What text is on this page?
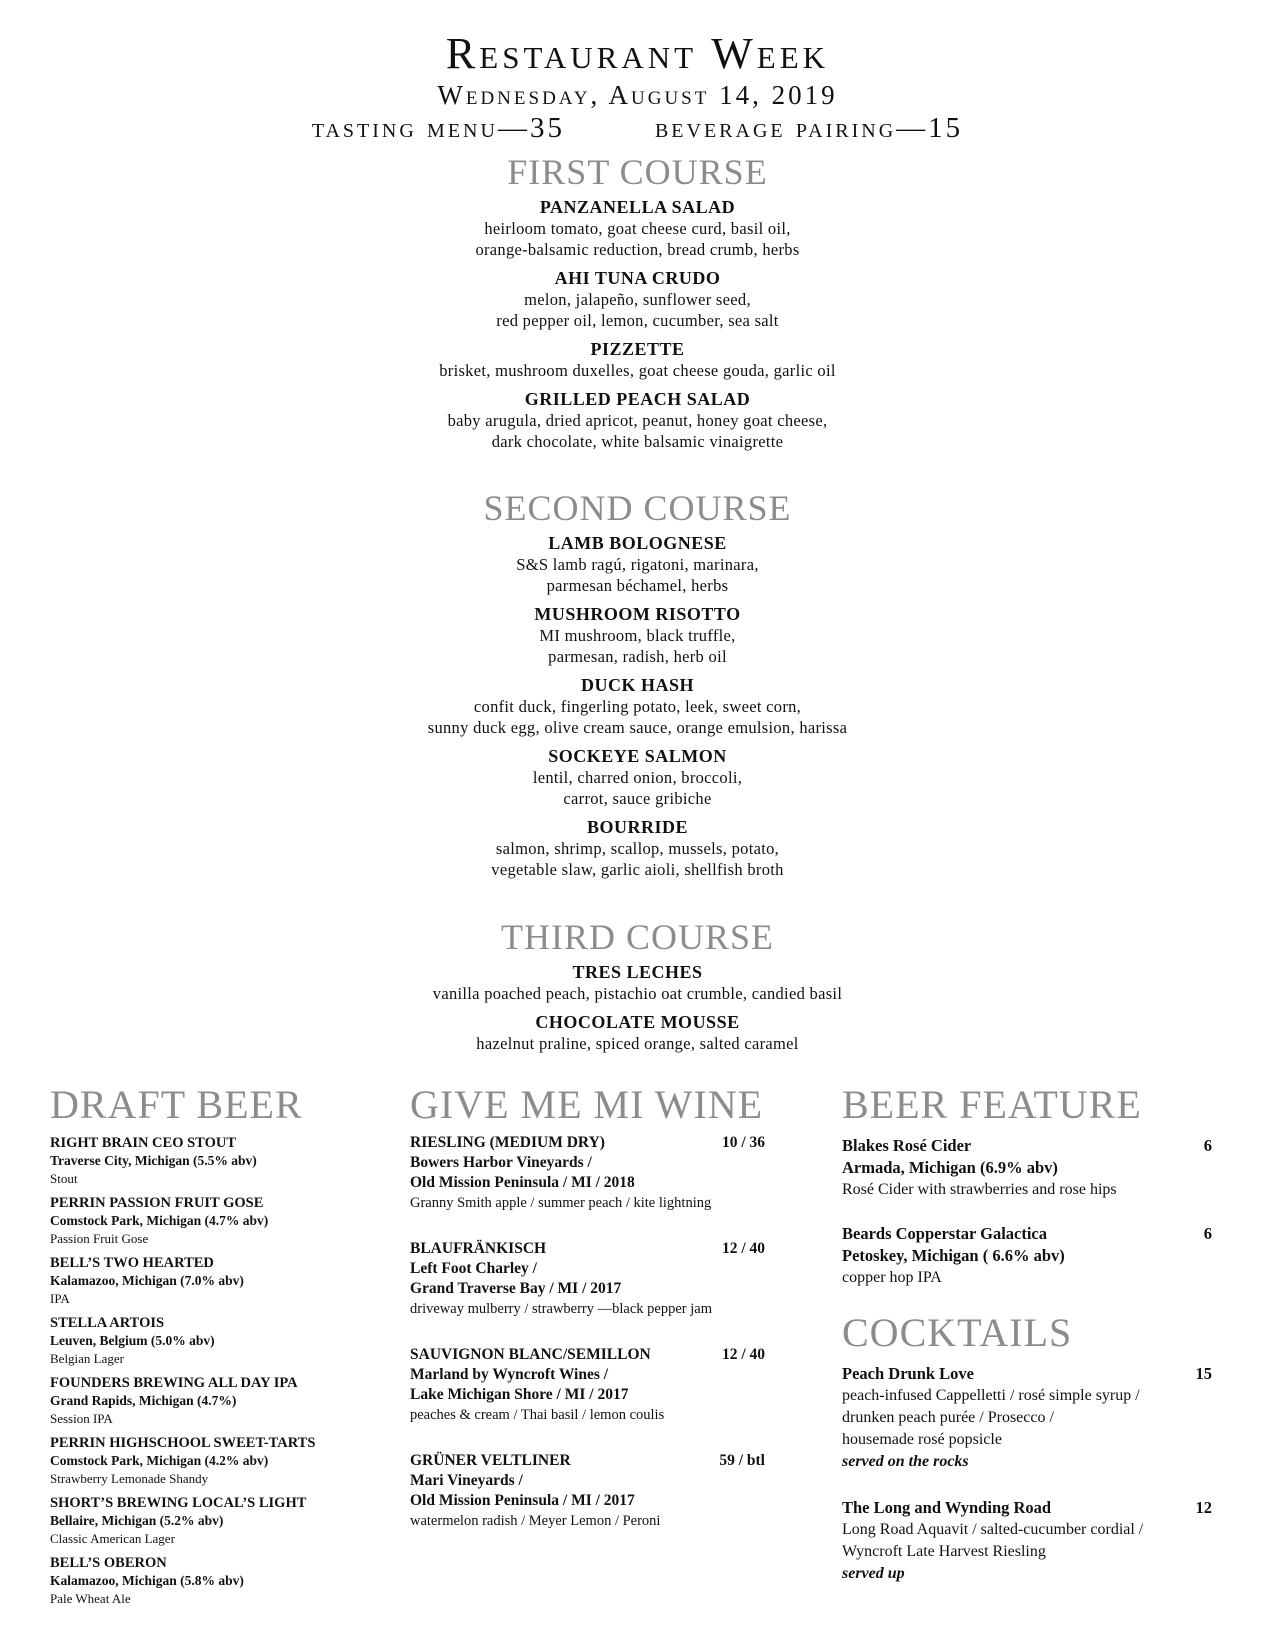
Restaurant Week
Wednesday, August 14, 2019
tasting menu—35	beverage pairing—15
FIRST COURSE
PANZANELLA SALAD
heirloom tomato, goat cheese curd, basil oil,
orange-balsamic reduction, bread crumb, herbs
AHI TUNA CRUDO
melon, jalapeño, sunflower seed,
red pepper oil, lemon, cucumber, sea salt
PIZZETTE
brisket, mushroom duxelles, goat cheese gouda, garlic oil
GRILLED PEACH SALAD
baby arugula, dried apricot, peanut, honey goat cheese,
dark chocolate, white balsamic vinaigrette
SECOND COURSE
LAMB BOLOGNESE
S&S lamb ragú, rigatoni, marinara,
parmesan béchamel, herbs
MUSHROOM RISOTTO
MI mushroom, black truffle,
parmesan, radish, herb oil
DUCK HASH
confit duck, fingerling potato, leek, sweet corn,
sunny duck egg, olive cream sauce, orange emulsion, harissa
SOCKEYE SALMON
lentil, charred onion, broccoli,
carrot, sauce gribiche
BOURRIDE
salmon, shrimp, scallop, mussels, potato,
vegetable slaw, garlic aioli, shellfish broth
THIRD COURSE
TRES LECHES
vanilla poached peach, pistachio oat crumble, candied basil
CHOCOLATE MOUSSE
hazelnut praline, spiced orange, salted caramel
DRAFT BEER
RIGHT BRAIN CEO STOUT
Traverse City, Michigan (5.5% abv)
Stout
PERRIN PASSION FRUIT GOSE
Comstock Park, Michigan (4.7% abv)
Passion Fruit Gose
BELL’S TWO HEARTED
Kalamazoo, Michigan (7.0% abv)
IPA
STELLA ARTOIS
Leuven, Belgium (5.0% abv)
Belgian Lager
FOUNDERS BREWING ALL DAY IPA
Grand Rapids, Michigan (4.7%)
Session IPA
PERRIN HIGHSCHOOL SWEET-TARTS
Comstock Park, Michigan (4.2% abv)
Strawberry Lemonade Shandy
SHORT’S BREWING LOCAL’S LIGHT
Bellaire, Michigan (5.2% abv)
Classic American Lager
BELL’S OBERON
Kalamazoo, Michigan (5.8% abv)
Pale Wheat Ale
GIVE ME MI WINE
RIESLING (MEDIUM DRY)	10 / 36
Bowers Harbor Vineyards /
Old Mission Peninsula / MI / 2018
Granny Smith apple / summer peach / kite lightning
BLAUFRÄNKISCH	12 / 40
Left Foot Charley /
Grand Traverse Bay / MI / 2017
driveway mulberry / strawberry —black pepper jam
SAUVIGNON BLANC/SEMILLON	12 / 40
Marland by Wyncroft Wines /
Lake Michigan Shore / MI / 2017
peaches & cream / Thai basil / lemon coulis
GRÜNER VELTLINER	59 / btl
Mari Vineyards /
Old Mission Peninsula / MI / 2017
watermelon radish / Meyer Lemon / Peroni
BEER FEATURE
Blakes Rosé Cider	6
Armada, Michigan (6.9% abv)
Rosé Cider with strawberries and rose hips
Beards Copperstar Galactica	6
Petoskey, Michigan ( 6.6% abv)
copper hop IPA
COCKTAILS
Peach Drunk Love	15
peach-infused Cappelletti / rosé simple syrup /
drunken peach purée / Prosecco /
housemade rosé popsicle
served on the rocks
The Long and Wynding Road	12
Long Road Aquavit / salted-cucumber cordial /
Wyncroft Late Harvest Riesling
served up
